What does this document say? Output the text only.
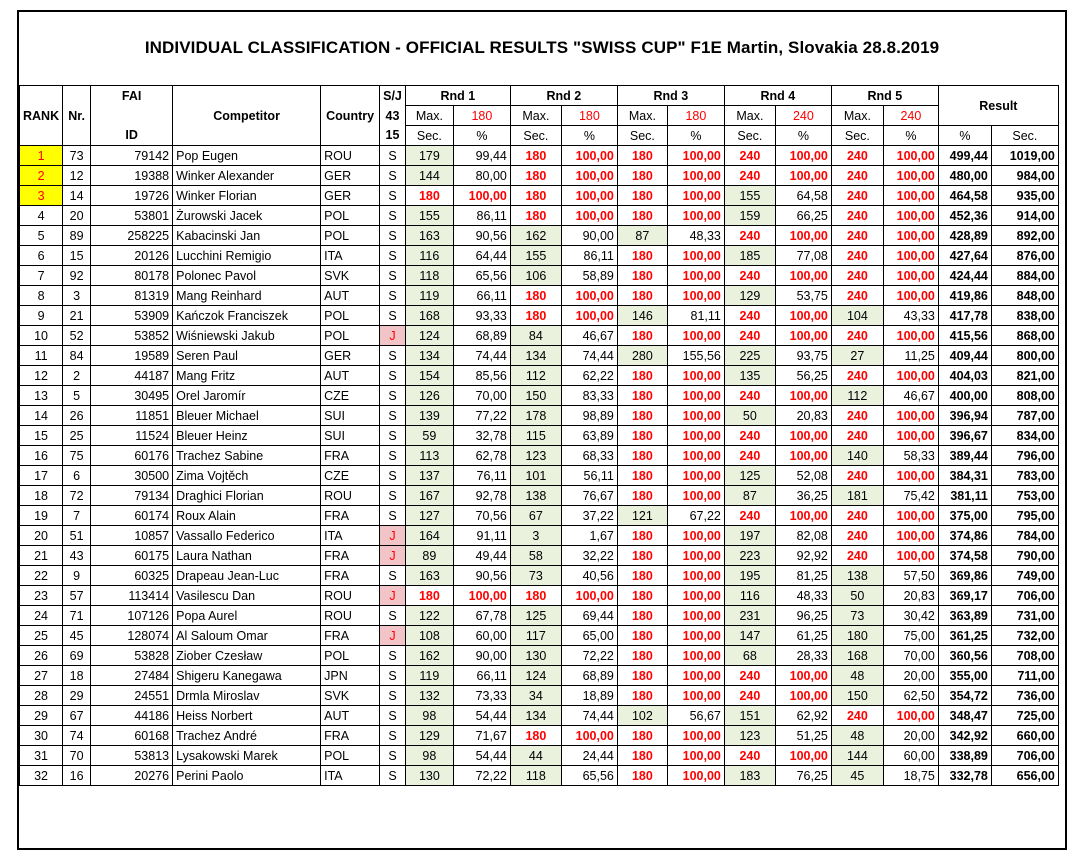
INDIVIDUAL CLASSIFICATION - OFFICIAL RESULTS "SWISS CUP" F1E Martin, Slovakia 28.8.2019
RANK	Nr.	FAI	Competitor	Country	S/J	Rnd 1		Rnd 2		Rnd 3		Rnd 4		Rnd 5		Result	
					43	Max.	180	Max.	180	Max.	180	Max.	240	Max.	240		
		ID			15	Sec.	%	Sec.	%	Sec.	%	Sec.	%	Sec.	%	%	Sec.
1	73	79142	Pop Eugen	ROU	S	179	99,44	180	100,00	180	100,00	240	100,00	240	100,00	499,44	1019,00
2	12	19388	Winker Alexander	GER	S	144	80,00	180	100,00	180	100,00	240	100,00	240	100,00	480,00	984,00
3	14	19726	Winker Florian	GER	S	180	100,00	180	100,00	180	100,00	155	64,58	240	100,00	464,58	935,00
4	20	53801	Żurowski Jacek	POL	S	155	86,11	180	100,00	180	100,00	159	66,25	240	100,00	452,36	914,00
5	89	258225	Kabacinski Jan	POL	S	163	90,56	162	90,00	87	48,33	240	100,00	240	100,00	428,89	892,00
6	15	20126	Lucchini Remigio	ITA	S	116	64,44	155	86,11	180	100,00	185	77,08	240	100,00	427,64	876,00
7	92	80178	Polonec Pavol	SVK	S	118	65,56	106	58,89	180	100,00	240	100,00	240	100,00	424,44	884,00
8	3	81319	Mang Reinhard	AUT	S	119	66,11	180	100,00	180	100,00	129	53,75	240	100,00	419,86	848,00
9	21	53909	Kańczok Franciszek	POL	S	168	93,33	180	100,00	146	81,11	240	100,00	104	43,33	417,78	838,00
10	52	53852	Wiśniewski Jakub	POL	J	124	68,89	84	46,67	180	100,00	240	100,00	240	100,00	415,56	868,00
11	84	19589	Seren Paul	GER	S	134	74,44	134	74,44	280	155,56	225	93,75	27	11,25	409,44	800,00
12	2	44187	Mang Fritz	AUT	S	154	85,56	112	62,22	180	100,00	135	56,25	240	100,00	404,03	821,00
13	5	30495	Orel Jaromír	CZE	S	126	70,00	150	83,33	180	100,00	240	100,00	112	46,67	400,00	808,00
14	26	11851	Bleuer Michael	SUI	S	139	77,22	178	98,89	180	100,00	50	20,83	240	100,00	396,94	787,00
15	25	11524	Bleuer Heinz	SUI	S	59	32,78	115	63,89	180	100,00	240	100,00	240	100,00	396,67	834,00
16	75	60176	Trachez Sabine	FRA	S	113	62,78	123	68,33	180	100,00	240	100,00	140	58,33	389,44	796,00
17	6	30500	Zima Vojtěch	CZE	S	137	76,11	101	56,11	180	100,00	125	52,08	240	100,00	384,31	783,00
18	72	79134	Draghici Florian	ROU	S	167	92,78	138	76,67	180	100,00	87	36,25	181	75,42	381,11	753,00
19	7	60174	Roux Alain	FRA	S	127	70,56	67	37,22	121	67,22	240	100,00	240	100,00	375,00	795,00
20	51	10857	Vassallo Federico	ITA	J	164	91,11	3	1,67	180	100,00	197	82,08	240	100,00	374,86	784,00
21	43	60175	Laura Nathan	FRA	J	89	49,44	58	32,22	180	100,00	223	92,92	240	100,00	374,58	790,00
22	9	60325	Drapeau Jean-Luc	FRA	S	163	90,56	73	40,56	180	100,00	195	81,25	138	57,50	369,86	749,00
23	57	113414	Vasilescu Dan	ROU	J	180	100,00	180	100,00	180	100,00	116	48,33	50	20,83	369,17	706,00
24	71	107126	Popa Aurel	ROU	S	122	67,78	125	69,44	180	100,00	231	96,25	73	30,42	363,89	731,00
25	45	128074	Al Saloum Omar	FRA	J	108	60,00	117	65,00	180	100,00	147	61,25	180	75,00	361,25	732,00
26	69	53828	Ziober Czesław	POL	S	162	90,00	130	72,22	180	100,00	68	28,33	168	70,00	360,56	708,00
27	18	27484	Shigeru Kanegawa	JPN	S	119	66,11	124	68,89	180	100,00	240	100,00	48	20,00	355,00	711,00
28	29	24551	Drmla Miroslav	SVK	S	132	73,33	34	18,89	180	100,00	240	100,00	150	62,50	354,72	736,00
29	67	44186	Heiss Norbert	AUT	S	98	54,44	134	74,44	102	56,67	151	62,92	240	100,00	348,47	725,00
30	74	60168	Trachez André	FRA	S	129	71,67	180	100,00	180	100,00	123	51,25	48	20,00	342,92	660,00
31	70	53813	Lysakowski Marek	POL	S	98	54,44	44	24,44	180	100,00	240	100,00	144	60,00	338,89	706,00
32	16	20276	Perini Paolo	ITA	S	130	72,22	118	65,56	180	100,00	183	76,25	45	18,75	332,78	656,00
